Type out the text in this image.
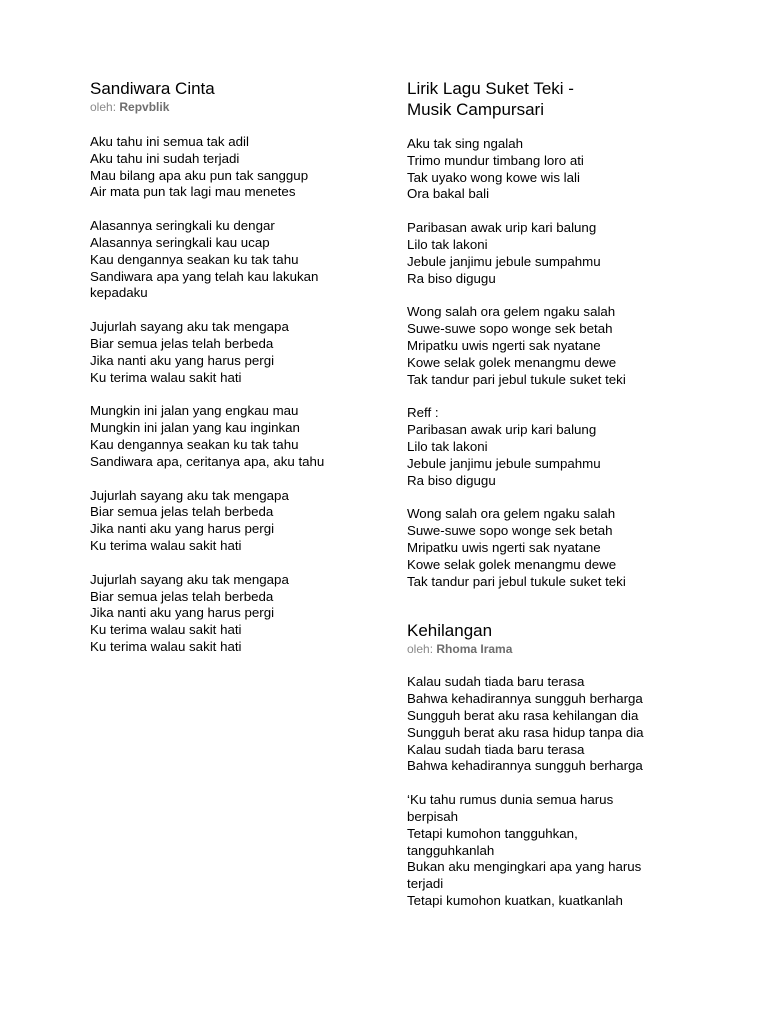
Sandiwara Cinta

oleh: Repvblik

Aku tahu ini semua tak adil
Aku tahu ini sudah terjadi
Mau bilang apa aku pun tak sanggup
Air mata pun tak lagi mau menetes
Alasannya seringkali ku dengar
Alasannya seringkali kau ucap
Kau dengannya seakan ku tak tahu
Sandiwara apa yang telah kau lakukan
kepadaku
Jujurlah sayang aku tak mengapa
Biar semua jelas telah berbeda
Jika nanti aku yang harus pergi
Ku terima walau sakit hati
Mungkin ini jalan yang engkau mau
Mungkin ini jalan yang kau inginkan
Kau dengannya seakan ku tak tahu
Sandiwara apa, ceritanya apa, aku tahu
Jujurlah sayang aku tak mengapa
Biar semua jelas telah berbeda
Jika nanti aku yang harus pergi
Ku terima walau sakit hati
Jujurlah sayang aku tak mengapa
Biar semua jelas telah berbeda
Jika nanti aku yang harus pergi
Ku terima walau sakit hati
Ku terima walau sakit hati
Lirik Lagu Suket Teki -
Musik Campursari
Aku tak sing ngalah
Trimo mundur timbang loro ati
Tak uyako wong kowe wis lali
Ora bakal bali
Paribasan awak urip kari balung
Lilo tak lakoni
Jebule janjimu jebule sumpahmu
Ra biso digugu
Wong salah ora gelem ngaku salah
Suwe-suwe sopo wonge sek betah
Mripatku uwis ngerti sak nyatane
Kowe selak golek menangmu dewe
Tak tandur pari jebul tukule suket teki
Reff :
Paribasan awak urip kari balung
Lilo tak lakoni
Jebule janjimu jebule sumpahmu
Ra biso digugu
Wong salah ora gelem ngaku salah
Suwe-suwe sopo wonge sek betah
Mripatku uwis ngerti sak nyatane
Kowe selak golek menangmu dewe
Tak tandur pari jebul tukule suket teki
Kehilangan

oleh: Rhoma Irama

Kalau sudah tiada baru terasa
Bahwa kehadirannya sungguh berharga
Sungguh berat aku rasa kehilangan dia
Sungguh berat aku rasa hidup tanpa dia
Kalau sudah tiada baru terasa
Bahwa kehadirannya sungguh berharga
‘Ku tahu rumus dunia semua harus
berpisah
Tetapi kumohon tangguhkan,
tangguhkanlah
Bukan aku mengingkari apa yang harus
terjadi
Tetapi kumohon kuatkan, kuatkanlah
